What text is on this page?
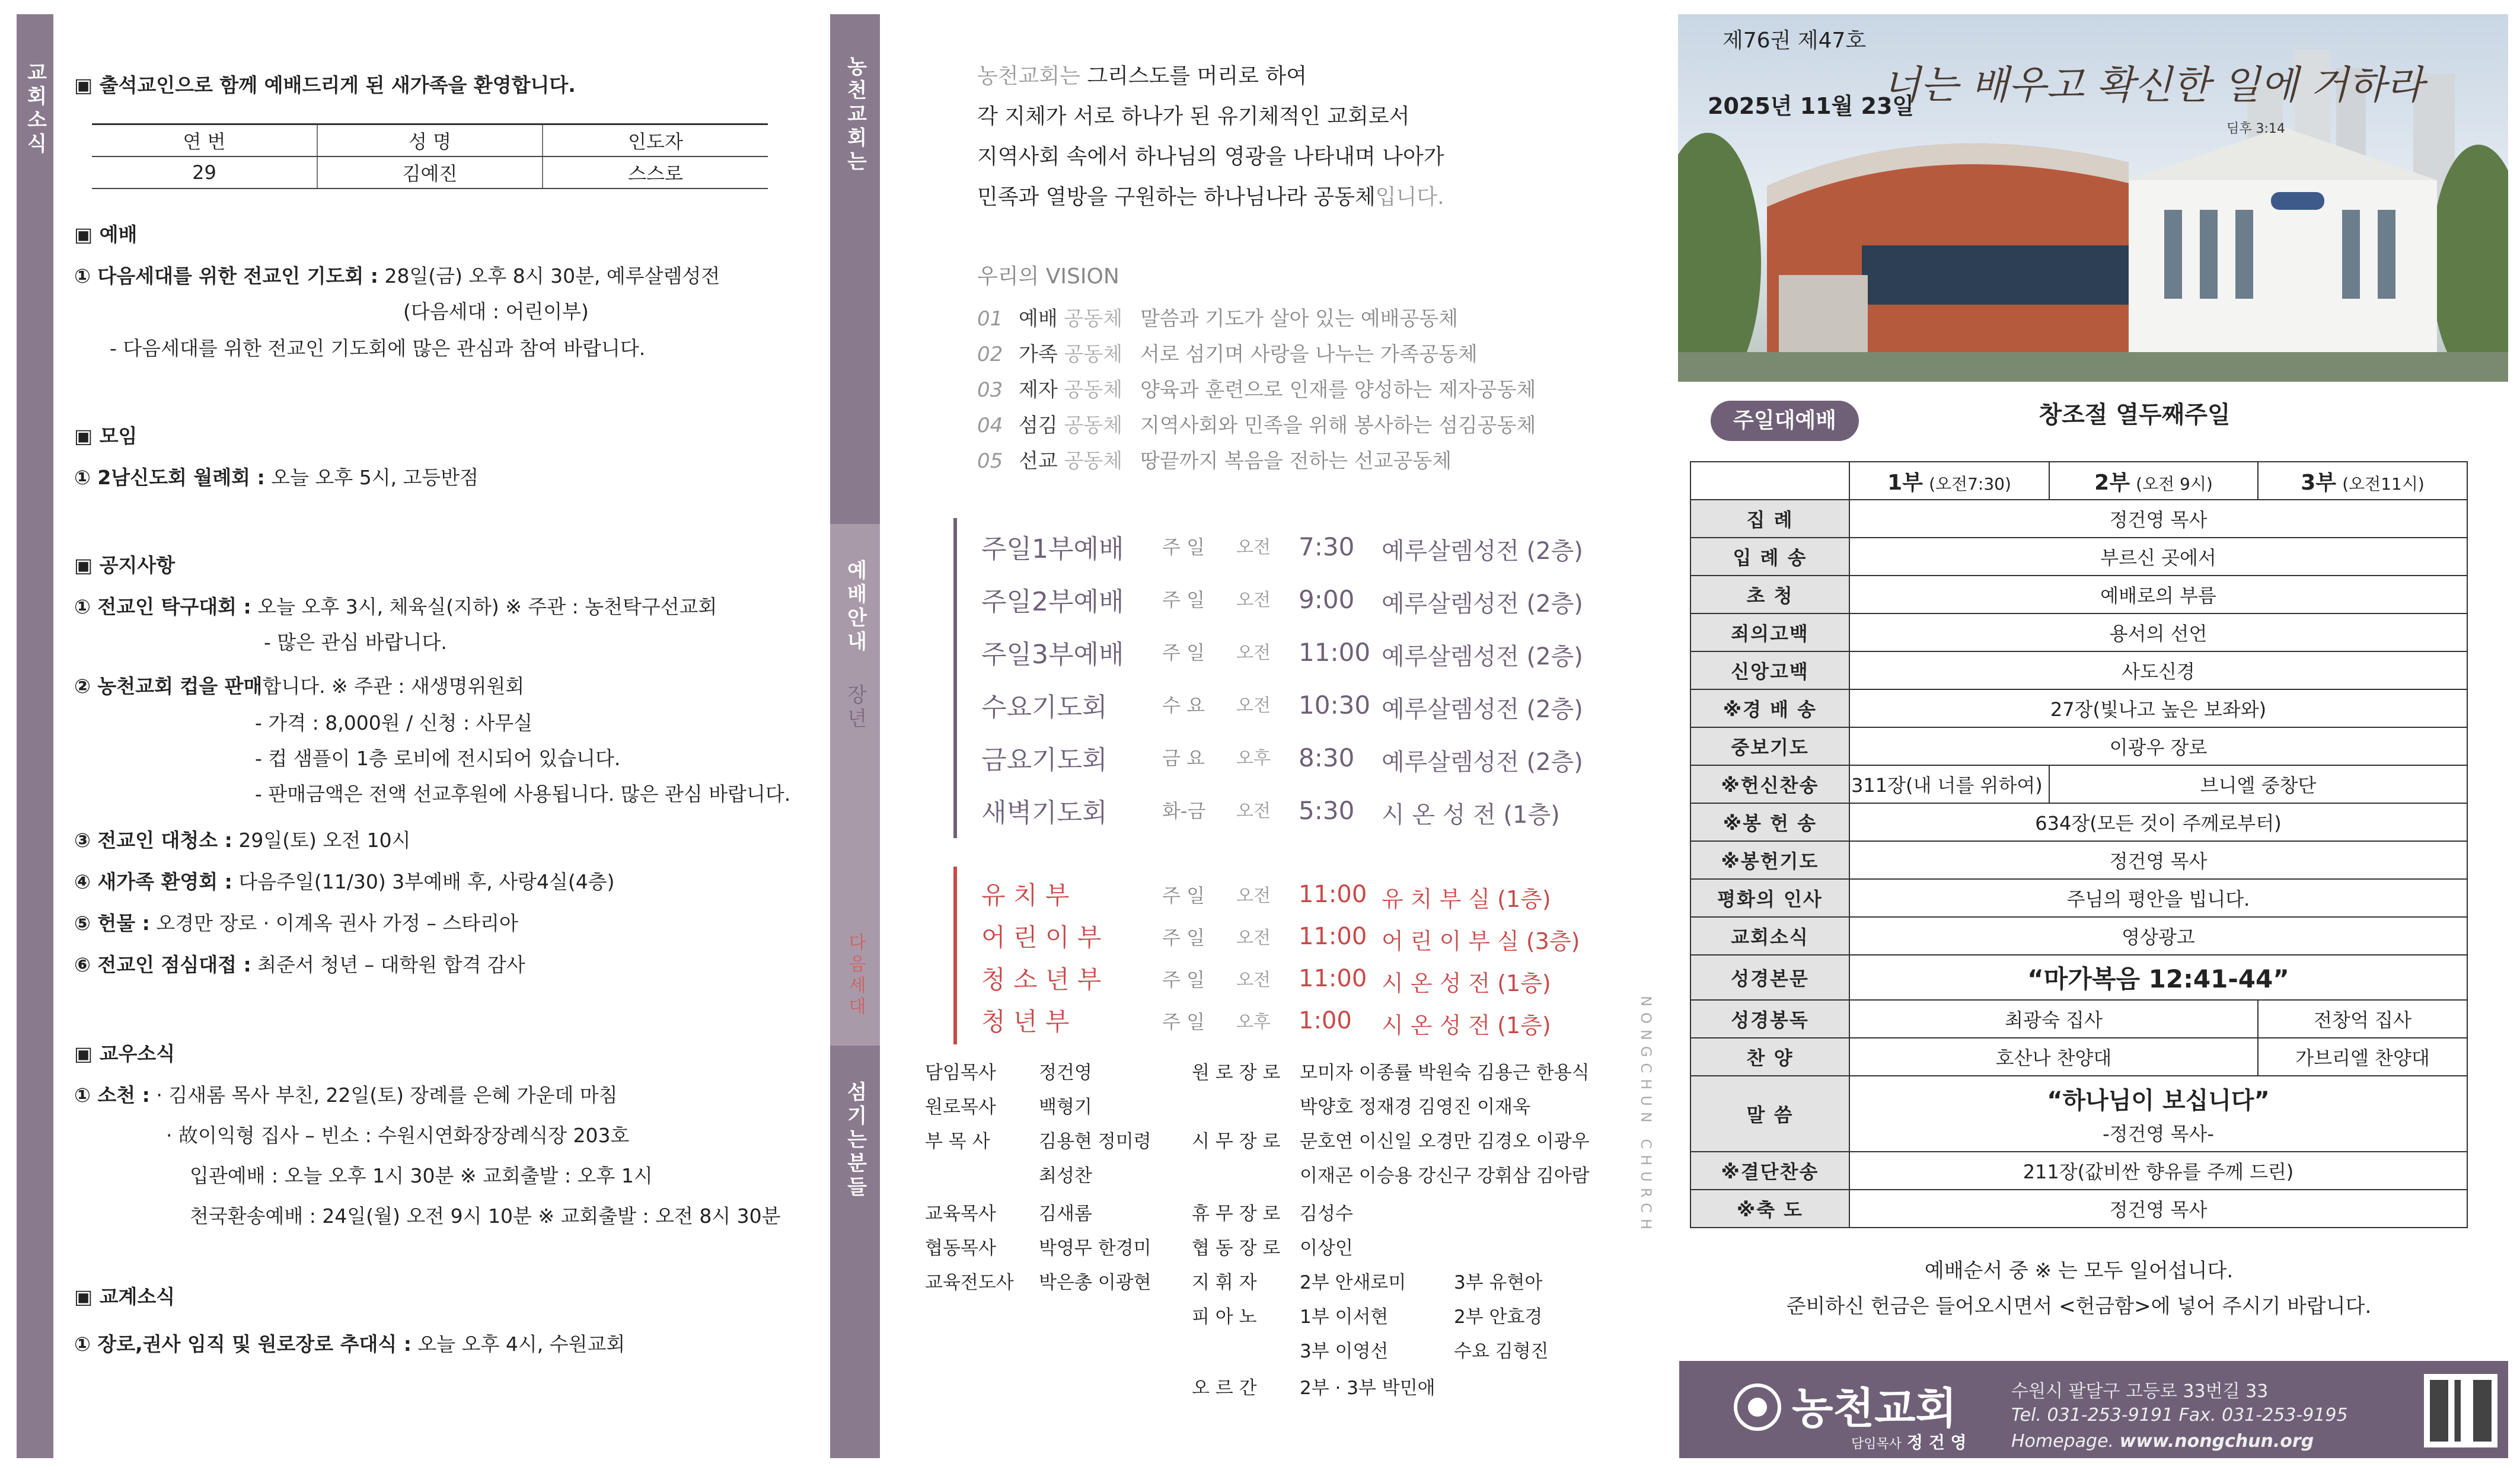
교회소식 ▣ 출석교인으로 함께 예배드리게 된 새가족을 환영합니다.
연 번	성 명	인도자
29	김예진	스스로
▣ 예배
① 다음세대를 위한 전교인 기도회 : 28일(금) 오후 8시 30분, 예루살렘성전
(다음세대 : 어린이부)
- 다음세대를 위한 전교인 기도회에 많은 관심과 참여 바랍니다.
▣ 모임
① 2남신도회 월례회 : 오늘 오후 5시, 고등반점
▣ 공지사항
① 전교인 탁구대회 : 오늘 오후 3시, 체육실(지하) ※ 주관 : 농천탁구선교회
- 많은 관심 바랍니다.
② 농천교회 컵을 판매합니다. ※ 주관 : 새생명위원회
- 가격 : 8,000원 / 신청 : 사무실
- 컵 샘플이 1층 로비에 전시되어 있습니다.
- 판매금액은 전액 선교후원에 사용됩니다. 많은 관심 바랍니다.
③ 전교인 대청소 : 29일(토) 오전 10시
④ 새가족 환영회 : 다음주일(11/30) 3부예배 후, 사랑4실(4층)
⑤ 헌물 : 오경만 장로 · 이계옥 권사 가정 – 스타리아
⑥ 전교인 점심대접 : 최준서 청년 – 대학원 합격 감사
▣ 교우소식
① 소천 : · 김새롬 목사 부친, 22일(토) 장례를 은혜 가운데 마침
· 故이익형 집사 – 빈소 : 수원시연화장장례식장 203호
입관예배 : 오늘 오후 1시 30분 ※ 교회출발 : 오후 1시
천국환송예배 : 24일(월) 오전 9시 10분 ※ 교회출발 : 오전 8시 30분
▣ 교계소식
① 장로,권사 임직 및 원로장로 추대식 : 오늘 오후 4시, 수원교회
농천교회는
예배안내
장년
다음세대
섬기는분들
농천교회는 그리스도를 머리로 하여
각 지체가 서로 하나가 된 유기체적인 교회로서
지역사회 속에서 하나님의 영광을 나타내며 나아가
민족과 열방을 구원하는 하나님나라 공동체입니다.
우리의 VISION
01 예배 공동체 말씀과 기도가 살아 있는 예배공동체
02 가족 공동체 서로 섬기며 사랑을 나누는 가족공동체
03 제자 공동체 양육과 훈련으로 인재를 양성하는 제자공동체
04 섬김 공동체 지역사회와 민족을 위해 봉사하는 섬김공동체
05 선교 공동체 땅끝까지 복음을 전하는 선교공동체
주일1부예배 주 일 오전 7:30 예루살렘성전 (2층)
주일2부예배 주 일 오전 9:00 예루살렘성전 (2층)
주일3부예배 주 일 오전 11:00 예루살렘성전 (2층)
수요기도회	수 요 오전 10:30 예루살렘성전 (2층)
금요기도회	금 요 오후 8:30 예루살렘성전 (2층)
새벽기도회	화-금 오전 5:30 시 온 성 전 (1층)
유 치 부	주 일 오전 11:00 유 치 부 실 (1층)
어 린 이 부	주 일 오전 11:00 어 린 이 부 실 (3층)
청 소 년 부	주 일 오전 11:00 시 온 성 전 (1층)
청 년 부	주 일 오후 1:00 시 온 성 전 (1층)
담임목사 정건영
원로목사 백형기
부 목 사	김용현 정미령
최성찬
교육목사 김새롬
협동목사 박영무 한경미
교육전도사 박은총 이광현
원 로 장 로 모미자 이종률 박원숙 김용근 한용식
박양호 정재경 김영진 이재욱
시 무 장 로 문호연 이신일 오경만 김경오 이광우
이재곤 이승용 강신구 강휘삼 김아람
휴 무 장 로 김성수
협 동 장 로 이상인
지 휘 자 2부 안새로미	3부 유현아
피 아 노 1부 이서현	2부 안효경
3부 이영선	수요 김형진
오 르 간 2부 · 3부 박민애
NONGCHUN CHURCH
제76권 제47호
2025년 11월 23일
너는 배우고 확신한 일에 거하라
딤후 3:14
주일대예배	창조절 열두째주일
	1부 (오전7:30)	2부 (오전 9시)	3부 (오전11시)
집 례	정건영 목사		
입 례 송	부르신 곳에서		
초 청	예배로의 부름		
죄의고백	용서의 선언		
신앙고백	사도신경		
※경 배 송	27장(빛나고 높은 보좌와)		
중보기도	이광우 장로		
※헌신찬송	311장(내 너를 위하여)	브니엘 중창단	
※봉 헌 송	634장(모든 것이 주께로부터)		
※봉헌기도	정건영 목사		
평화의 인사	주님의 평안을 빕니다.		
교회소식	영상광고		
성경본문	“마가복음 12:41-44”		
성경봉독	최광숙 집사		전창억 집사
찬 양	호산나 찬양대		가브리엘 찬양대
말 씀	“하나님이 보십니다”
-정건영 목사-		

※결단찬송	211장(값비싼 향유를 주께 드린)		
※축 도	정건영 목사		
예배순서 중 ※ 는 모두 일어섭니다.
준비하신 헌금은 들어오시면서 <헌금함>에 넣어 주시기 바랍니다.
농천교회
담임목사 정 건 영
수원시 팔달구 고등로 33번길 33
Tel. 031-253-9191 Fax. 031-253-9195
Homepage. www.nongchun.org
